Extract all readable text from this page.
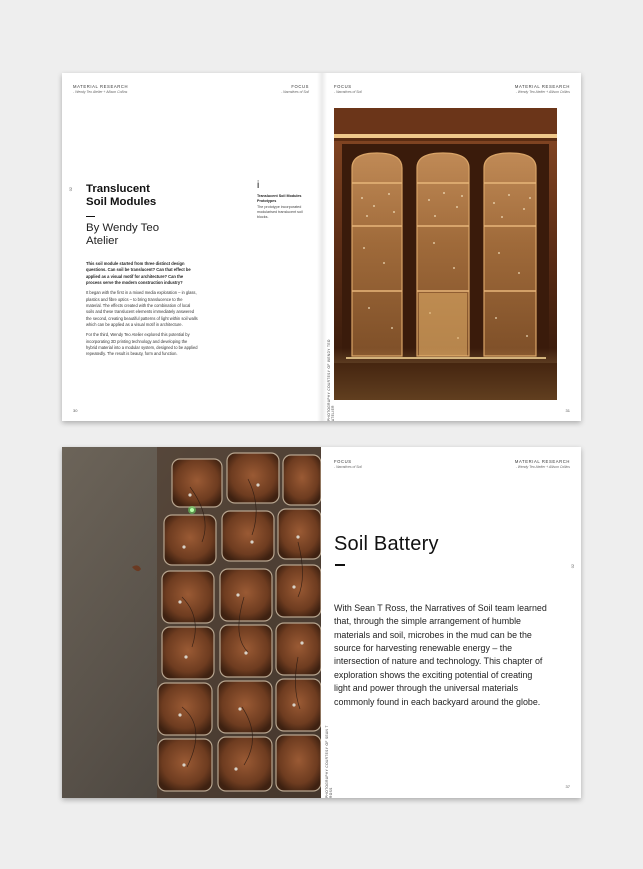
MATERIAL RESEARCH
- Wendy Teo Atelier + Allison Collins
02 Translucent
Soil Modules
By Wendy Teo
Atelier

This soil module started from three distinct design questions. Can soil be translucent? Can that effect be applied as a visual motif for architecture? Can the process serve the modern construction industry?

It began with the first in a mixed media exploration – in glass, plastics and fibre optics – to bring translucence to the material. The effects created with the combination of local soils and these translucent elements immediately answered the second, creating beautiful patterns of light within soil walls which can be applied as a visual motif in architecture.

For the third, Wendy Teo Atelier explored this potential by incorporating 3D printing technology and developing the hybrid material into a modular system, designed to be applied repeatedly. The result is beauty, form and function.

30
FOCUS
- Narratives of Soil
i
Translucent Soil Modules Prototypes
The prototype incorporated modularised translucent soil blocks.
PHOTOGRAPHY COURTESY OF WENDY TEO ATELIER
FOCUS
- Narratives of Soil
MATERIAL RESEARCH
- Wendy Teo Atelier + Allison Collins
31
PHOTOGRAPHY COURTESY OF SEAN T ROSS
FOCUS
- Narratives of Soil
MATERIAL RESEARCH
- Wendy Teo Atelier + Allison Collins
02
Soil Battery
With Sean T Ross, the Narratives of Soil team learned that, through the simple arrangement of humble materials and soil, microbes in the mud can be the source for harvesting renewable energy – the intersection of nature and technology. This chapter of exploration shows the exciting potential of creating light and power through the universal materials commonly found in each backyard around the globe.
37
